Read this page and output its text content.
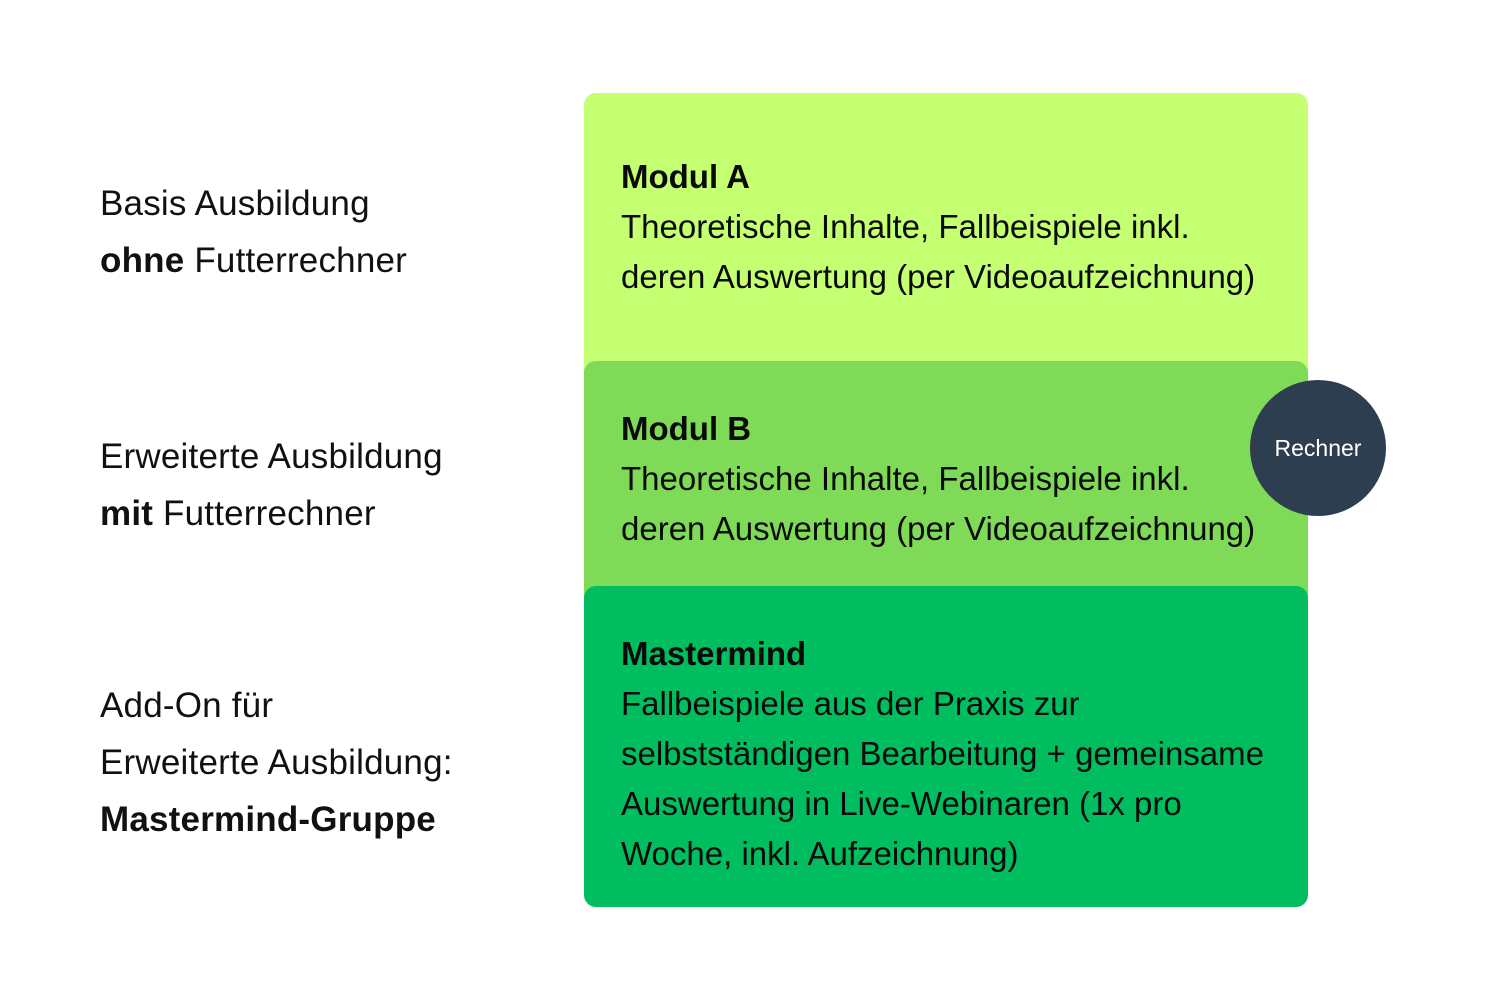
Basis Ausbildung
ohne Futterrechner
Erweiterte Ausbildung
mit Futterrechner
Add-On für
Erweiterte Ausbildung:
Mastermind-Gruppe
Modul A
Theoretische Inhalte, Fallbeispiele inkl.
deren Auswertung (per Videoaufzeichnung)
Modul B
Theoretische Inhalte, Fallbeispiele inkl.
deren Auswertung (per Videoaufzeichnung)
Mastermind
Fallbeispiele aus der Praxis zur
selbstständigen Bearbeitung + gemeinsame
Auswertung in Live-Webinaren (1x pro
Woche, inkl. Aufzeichnung)
Rechner
